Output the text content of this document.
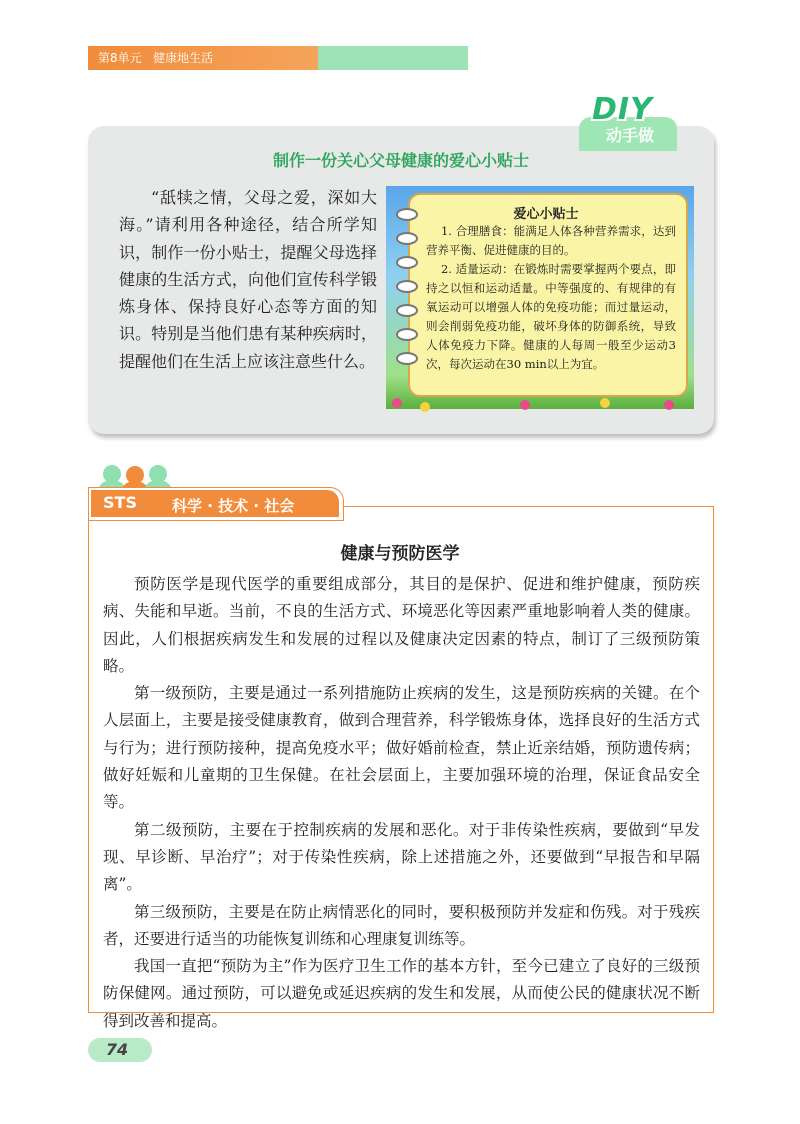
第8单元 健康地生活
DIY
动手做
制作一份关心父母健康的爱心小贴士

“舐犊之情，父母之爱，深如大海。”请利用各种途径，结合所学知识，制作一份小贴士，提醒父母选择健康的生活方式，向他们宣传科学锻炼身体、保持良好心态等方面的知识。特别是当他们患有某种疾病时，提醒他们在生活上应该注意些什么。

爱心小贴士

1. 合理膳食：能满足人体各种营养需求，达到营养平衡、促进健康的目的。

2. 适量运动：在锻炼时需要掌握两个要点，即持之以恒和运动适量。中等强度的、有规律的有氧运动可以增强人体的免疫功能；而过量运动，则会削弱免疫功能，破坏身体的防御系统，导致人体免疫力下降。健康的人每周一般至少运动3次，每次运动在30 min以上为宜。

STS 科学 · 技术 · 社会
健康与预防医学

预防医学是现代医学的重要组成部分，其目的是保护、促进和维护健康，预防疾病、失能和早逝。当前，不良的生活方式、环境恶化等因素严重地影响着人类的健康。因此，人们根据疾病发生和发展的过程以及健康决定因素的特点，制订了三级预防策略。

第一级预防，主要是通过一系列措施防止疾病的发生，这是预防疾病的关键。在个人层面上，主要是接受健康教育，做到合理营养，科学锻炼身体，选择良好的生活方式与行为；进行预防接种，提高免疫水平；做好婚前检查，禁止近亲结婚，预防遗传病；做好妊娠和儿童期的卫生保健。在社会层面上，主要加强环境的治理，保证食品安全等。

第二级预防，主要在于控制疾病的发展和恶化。对于非传染性疾病，要做到“早发现、早诊断、早治疗”；对于传染性疾病，除上述措施之外，还要做到“早报告和早隔离”。

第三级预防，主要是在防止病情恶化的同时，要积极预防并发症和伤残。对于残疾者，还要进行适当的功能恢复训练和心理康复训练等。

我国一直把“预防为主”作为医疗卫生工作的基本方针，至今已建立了良好的三级预防保健网。通过预防，可以避免或延迟疾病的发生和发展，从而使公民的健康状况不断得到改善和提高。

74
